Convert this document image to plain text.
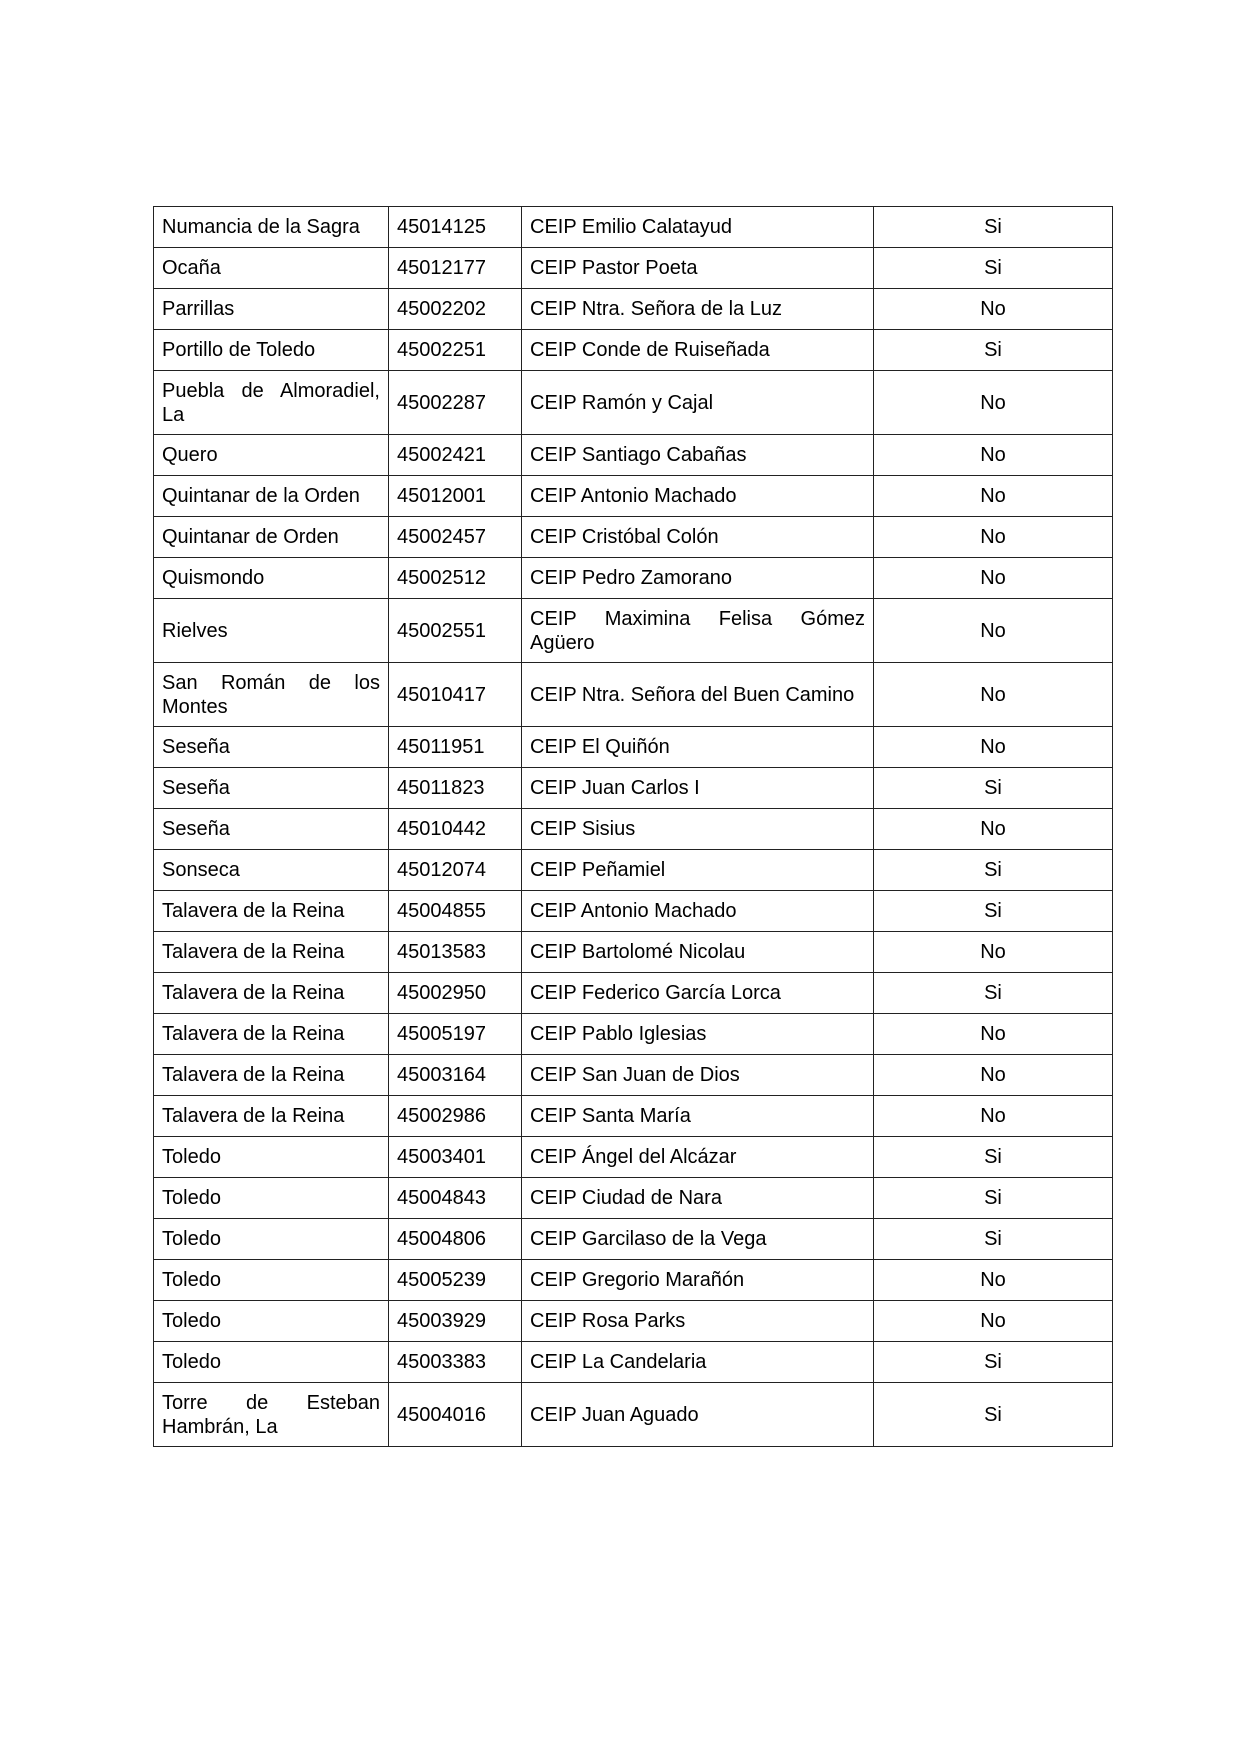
Numancia de la Sagra	45014125	CEIP Emilio Calatayud	Si
Ocaña	45012177	CEIP Pastor Poeta	Si
Parrillas	45002202	CEIP Ntra. Señora de la Luz	No
Portillo de Toledo	45002251	CEIP Conde de Ruiseñada	Si
Puebla de Almoradiel, La	45002287	CEIP Ramón y Cajal	No
Quero	45002421	CEIP Santiago Cabañas	No
Quintanar de la Orden	45012001	CEIP Antonio Machado	No
Quintanar de Orden	45002457	CEIP Cristóbal Colón	No
Quismondo	45002512	CEIP Pedro Zamorano	No
Rielves	45002551	CEIP Maximina Felisa Gómez Agüero	No
San Román de los Montes	45010417	CEIP Ntra. Señora del Buen Camino	No
Seseña	45011951	CEIP El Quiñón	No
Seseña	45011823	CEIP Juan Carlos I	Si
Seseña	45010442	CEIP Sisius	No
Sonseca	45012074	CEIP Peñamiel	Si
Talavera de la Reina	45004855	CEIP Antonio Machado	Si
Talavera de la Reina	45013583	CEIP Bartolomé Nicolau	No
Talavera de la Reina	45002950	CEIP Federico García Lorca	Si
Talavera de la Reina	45005197	CEIP Pablo Iglesias	No
Talavera de la Reina	45003164	CEIP San Juan de Dios	No
Talavera de la Reina	45002986	CEIP Santa María	No
Toledo	45003401	CEIP Ángel del Alcázar	Si
Toledo	45004843	CEIP Ciudad de Nara	Si
Toledo	45004806	CEIP Garcilaso de la Vega	Si
Toledo	45005239	CEIP Gregorio Marañón	No
Toledo	45003929	CEIP Rosa Parks	No
Toledo	45003383	CEIP La Candelaria	Si
Torre de Esteban Hambrán, La	45004016	CEIP Juan Aguado	Si
